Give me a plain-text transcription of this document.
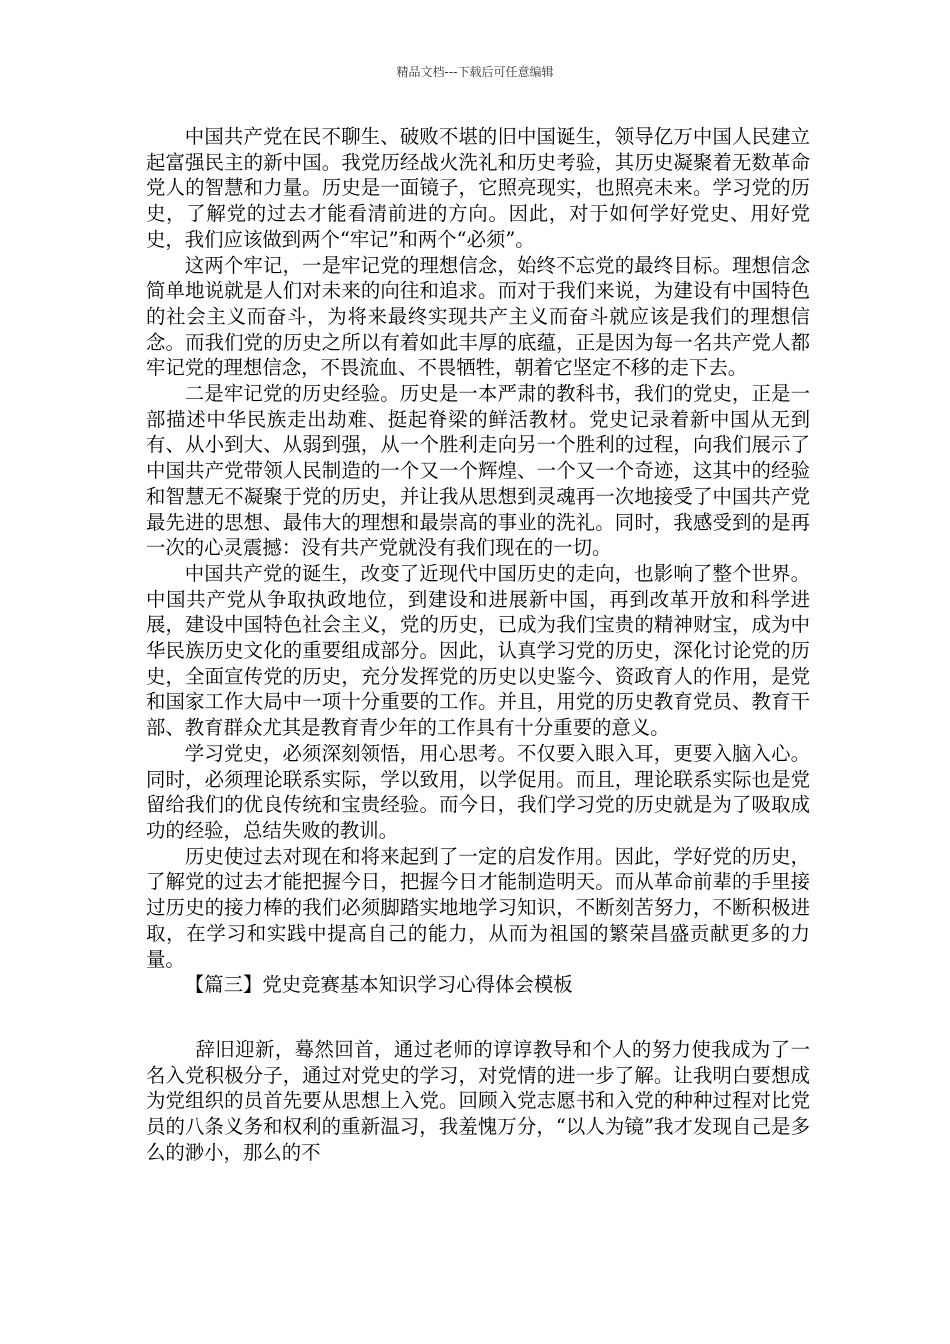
精品文档---下载后可任意编辑

中国共产党在民不聊生、破败不堪的旧中国诞生，领导亿万中国人民建立起富强民主的新中国。我党历经战火洗礼和历史考验，其历史凝聚着无数革命党人的智慧和力量。历史是一面镜子，它照亮现实，也照亮未来。学习党的历史，了解党的过去才能看清前进的方向。因此，对于如何学好党史、用好党史，我们应该做到两个“牢记”和两个“必须”。

这两个牢记，一是牢记党的理想信念，始终不忘党的最终目标。理想信念简单地说就是人们对未来的向往和追求。而对于我们来说，为建设有中国特色的社会主义而奋斗，为将来最终实现共产主义而奋斗就应该是我们的理想信念。而我们党的历史之所以有着如此丰厚的底蕴，正是因为每一名共产党人都牢记党的理想信念，不畏流血、不畏牺牲，朝着它坚定不移的走下去。

二是牢记党的历史经验。历史是一本严肃的教科书，我们的党史，正是一部描述中华民族走出劫难、挺起脊梁的鲜活教材。党史记录着新中国从无到有、从小到大、从弱到强，从一个胜利走向另一个胜利的过程，向我们展示了中国共产党带领人民制造的一个又一个辉煌、一个又一个奇迹，这其中的经验和智慧无不凝聚于党的历史，并让我从思想到灵魂再一次地接受了中国共产党最先进的思想、最伟大的理想和最崇高的事业的洗礼。同时，我感受到的是再一次的心灵震撼：没有共产党就没有我们现在的一切。

中国共产党的诞生，改变了近现代中国历史的走向，也影响了整个世界。中国共产党从争取执政地位，到建设和进展新中国，再到改革开放和科学进展，建设中国特色社会主义，党的历史，已成为我们宝贵的精神财宝，成为中华民族历史文化的重要组成部分。因此，认真学习党的历史，深化讨论党的历史，全面宣传党的历史，充分发挥党的历史以史鉴今、资政育人的作用，是党和国家工作大局中一项十分重要的工作。并且，用党的历史教育党员、教育干部、教育群众尤其是教育青少年的工作具有十分重要的意义。

学习党史，必须深刻领悟，用心思考。不仅要入眼入耳，更要入脑入心。同时，必须理论联系实际，学以致用，以学促用。而且，理论联系实际也是党留给我们的优良传统和宝贵经验。而今日，我们学习党的历史就是为了吸取成功的经验，总结失败的教训。

历史使过去对现在和将来起到了一定的启发作用。因此，学好党的历史，了解党的过去才能把握今日，把握今日才能制造明天。而从革命前辈的手里接过历史的接力棒的我们必须脚踏实地地学习知识，不断刻苦努力，不断积极进取，在学习和实践中提高自己的能力，从而为祖国的繁荣昌盛贡献更多的力量。

【篇三】党史竞赛基本知识学习心得体会模板

辞旧迎新，蓦然回首，通过老师的谆谆教导和个人的努力使我成为了一名入党积极分子，通过对党史的学习，对党情的进一步了解。让我明白要想成为党组织的员首先要从思想上入党。回顾入党志愿书和入党的种种过程对比党员的八条义务和权利的重新温习，我羞愧万分，“以人为镜”我才发现自己是多么的渺小，那么的不
